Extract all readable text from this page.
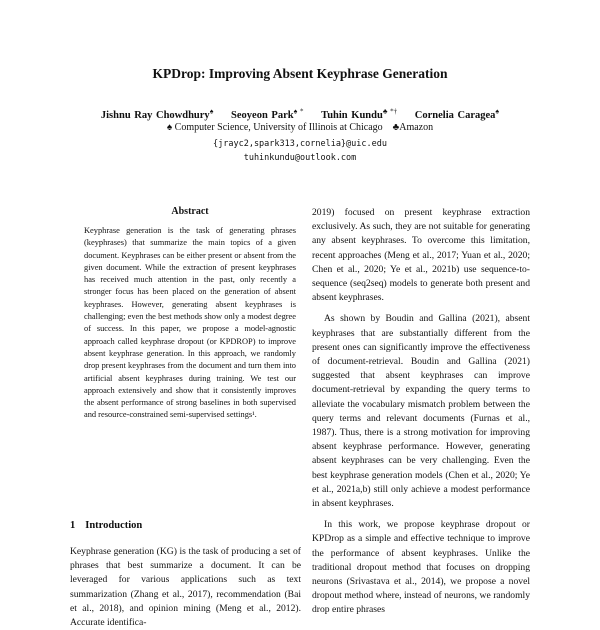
KPDrop: Improving Absent Keyphrase Generation
Jishnu Ray Chowdhury♠ Seoyeon Park♠ * Tuhin Kundu♣ *† Cornelia Caragea♠
♠ Computer Science, University of Illinois at Chicago    ♣Amazon
{jrayc2,spark313,cornelia}@uic.edu
tuhinkundu@outlook.com
Abstract
Keyphrase generation is the task of generating phrases (keyphrases) that summarize the main topics of a given document. Keyphrases can be either present or absent from the given document. While the extraction of present keyphrases has received much attention in the past, only recently a stronger focus has been placed on the generation of absent keyphrases. However, generating absent keyphrases is challenging; even the best methods show only a modest degree of success. In this paper, we propose a model-agnostic approach called keyphrase dropout (or KPDROP) to improve absent keyphrase generation. In this approach, we randomly drop present keyphrases from the document and turn them into artificial absent keyphrases during training. We test our approach extensively and show that it consistently improves the absent performance of strong baselines in both supervised and resource-constrained semi-supervised settings¹.
1 Introduction

Keyphrase generation (KG) is the task of producing a set of phrases that best summarize a document. It can be leveraged for various applications such as text summarization (Zhang et al., 2017), recommendation (Bai et al., 2018), and opinion mining (Meng et al., 2012). Accurate identifica-

2019) focused on present keyphrase extraction exclusively. As such, they are not suitable for generating any absent keyphrases. To overcome this limitation, recent approaches (Meng et al., 2017; Yuan et al., 2020; Chen et al., 2020; Ye et al., 2021b) use sequence-to-sequence (seq2seq) models to generate both present and absent keyphrases.

As shown by Boudin and Gallina (2021), absent keyphrases that are substantially different from the present ones can significantly improve the effectiveness of document-retrieval. Boudin and Gallina (2021) suggested that absent keyphrases can improve document-retrieval by expanding the query terms to alleviate the vocabulary mismatch problem between the query terms and relevant documents (Furnas et al., 1987). Thus, there is a strong motivation for improving absent keyphrase performance. However, generating absent keyphrases can be very challenging. Even the best keyphrase generation models (Chen et al., 2020; Ye et al., 2021a,b) still only achieve a modest performance in absent keyphrases.

In this work, we propose keyphrase dropout or KPDrop as a simple and effective technique to improve the performance of absent keyphrases. Unlike the traditional dropout method that focuses on dropping neurons (Srivastava et al., 2014), we propose a novel dropout method where, instead of neurons, we randomly drop entire phrases
